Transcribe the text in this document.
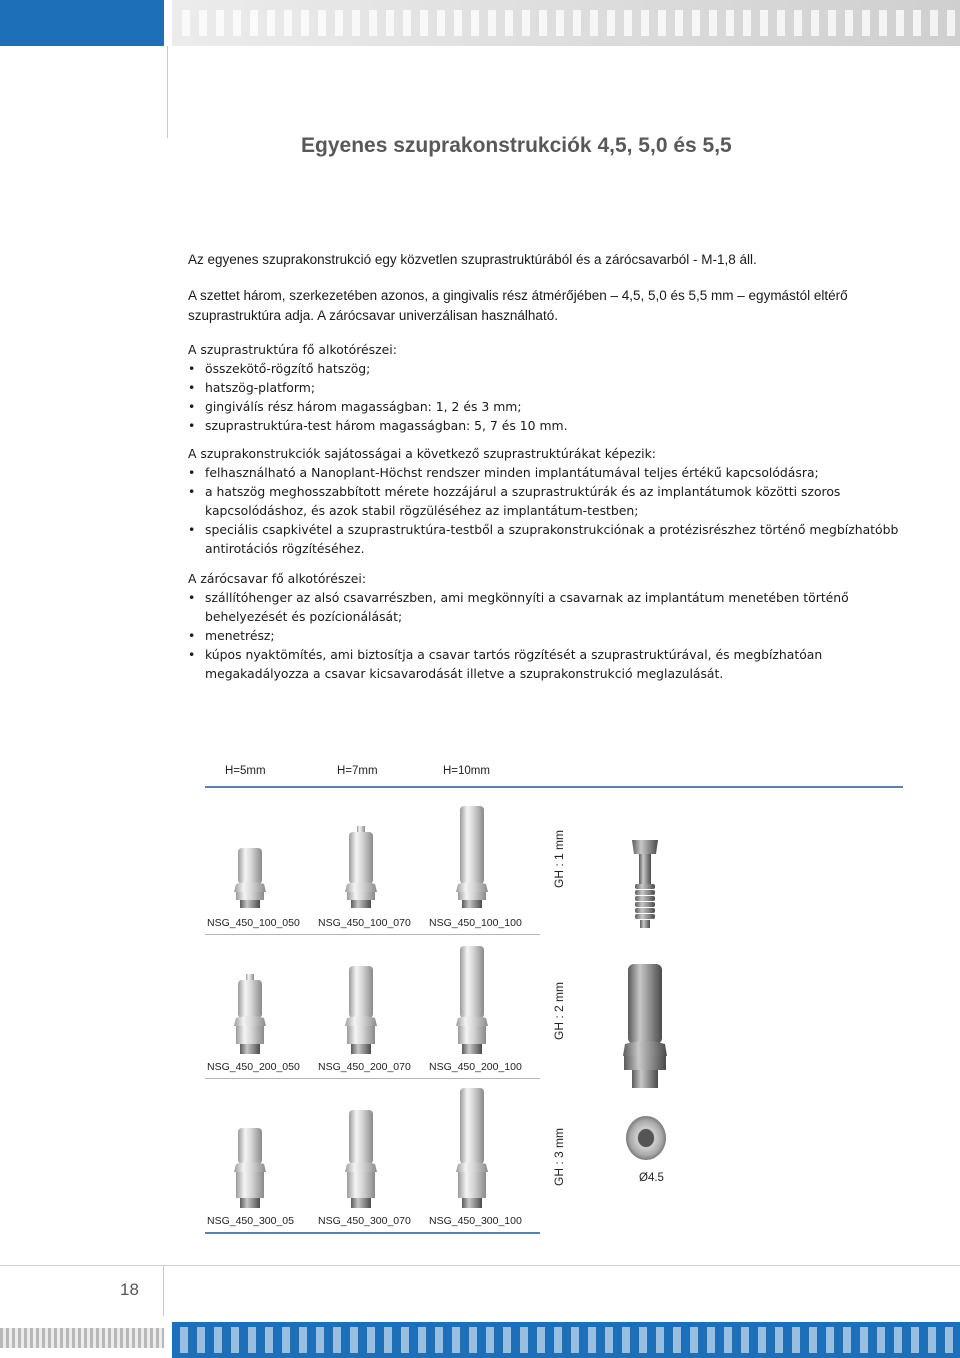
Egyenes szuprakonstrukciók 4,5, 5,0 és 5,5
Az egyenes szuprakonstrukció egy közvetlen szuprastruktúrából és a zárócsavarból - M-1,8 áll.
A szettet három, szerkezetében azonos, a gingivalis rész átmérőjében – 4,5, 5,0 és 5,5 mm – egymástól eltérő
szuprastruktúra adja. A zárócsavar univerzálisan használható.

A szuprastruktúra fő alkotórészei:

• összekötő-rögzítő hatszög;
• hatszög-platform;
• gingiválís rész három magasságban: 1, 2 és 3 mm;
• szuprastruktúra-test három magasságban: 5, 7 és 10 mm.

A szuprakonstrukciók sajátosságai a következő szuprastruktúrákat képezik:

• felhasználható a Nanoplant-Höchst rendszer minden implantátumával teljes értékű kapcsolódásra;
• a hatszög meghosszabbított mérete hozzájárul a szuprastruktúrák és az implantátumok közötti szoros kapcsolódáshoz, és azok stabil rögzüléséhez az implantátum-testben;
• speciális csapkivétel a szuprastruktúra-testből a szuprakonstrukciónak a protézisrészhez történő megbízhatóbb antirotációs rögzítéséhez.

A zárócsavar fő alkotórészei:

• szállítóhenger az alsó csavarrészben, ami megkönnyíti a csavarnak az implantátum menetében történő behelyezését és pozícionálását;
• menetrész;
• kúpos nyaktömítés, ami biztosítja a csavar tartós rögzítését a szuprastruktúrával, és megbízhatóan megakadályozza a csavar kicsavarodását illetve a szuprakonstrukció meglazulását.
H=5mm	H=7mm	H=10mm
GH : 1 mm
NSG_450_100_050 NSG_450_100_070 NSG_450_100_100
GH : 2 mm
NSG_450_200_050 NSG_450_200_070 NSG_450_200_100
GH : 3 mm	Ø4.5
NSG_450_300_05 NSG_450_300_070 NSG_450_300_100
18
